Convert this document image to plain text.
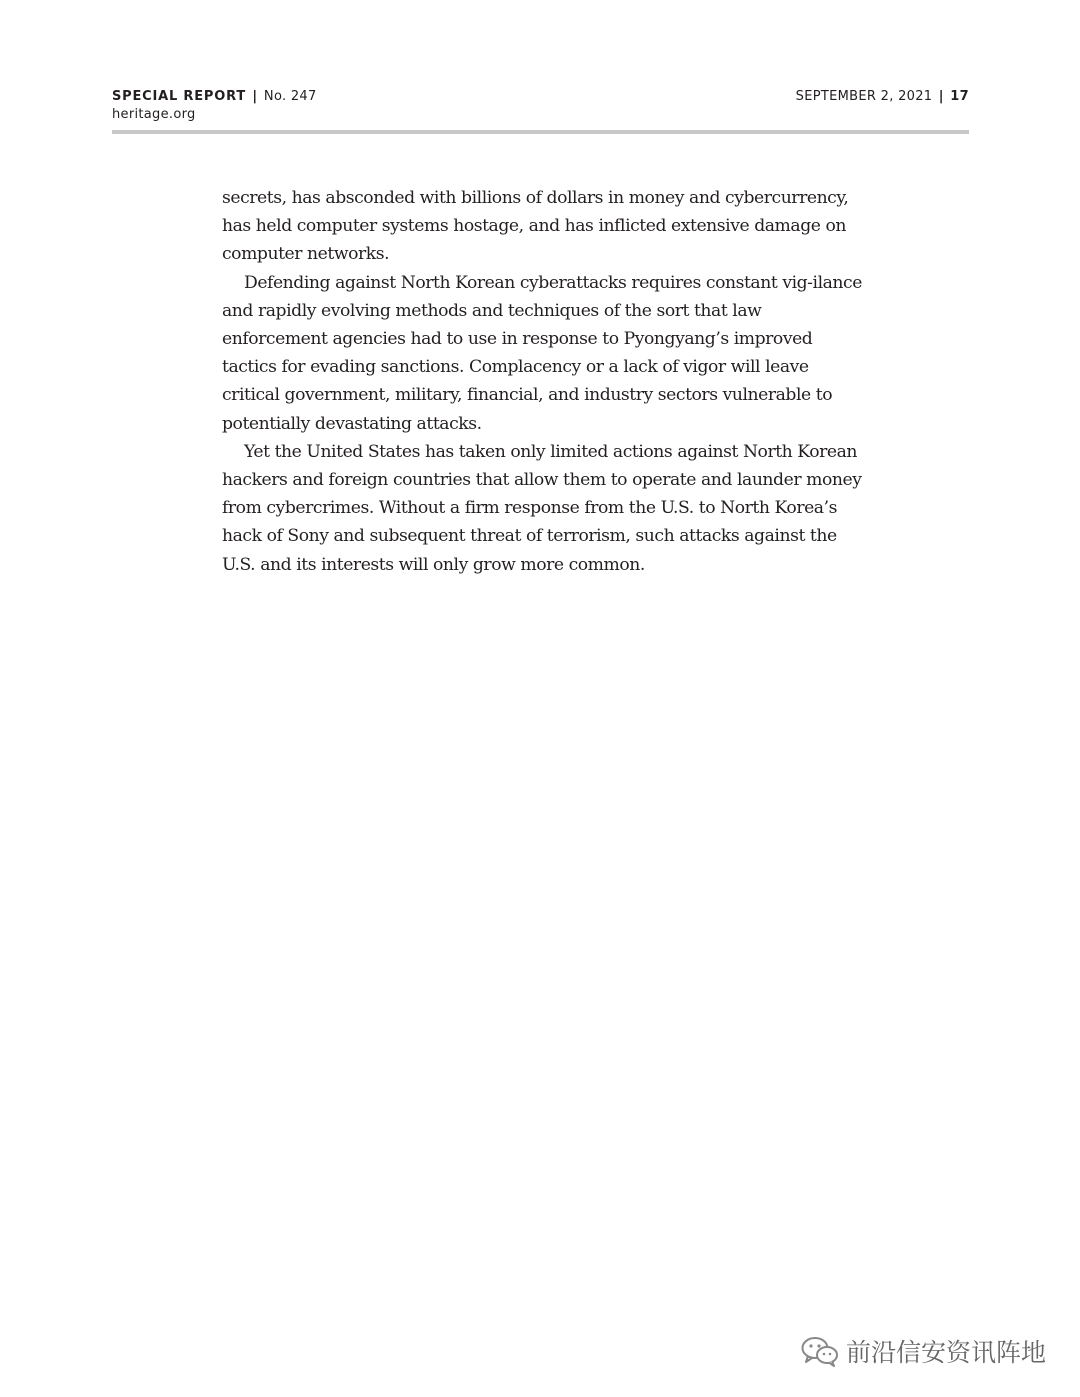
SPECIAL REPORT | No. 247
heritage.org
SEPTEMBER 2, 2021 | 17

secrets, has absconded with billions of dollars in money and cybercurrency, has held computer systems hostage, and has inflicted extensive damage on computer networks.

Defending against North Korean cyberattacks requires constant vig-ilance and rapidly evolving methods and techniques of the sort that law enforcement agencies had to use in response to Pyongyang’s improved tactics for evading sanctions. Complacency or a lack of vigor will leave critical government, military, financial, and industry sectors vulnerable to potentially devastating attacks.

Yet the United States has taken only limited actions against North Korean hackers and foreign countries that allow them to operate and launder money from cybercrimes. Without a firm response from the U.S. to North Korea’s hack of Sony and subsequent threat of terrorism, such attacks against the U.S. and its interests will only grow more common.

前沿信安资讯阵地
